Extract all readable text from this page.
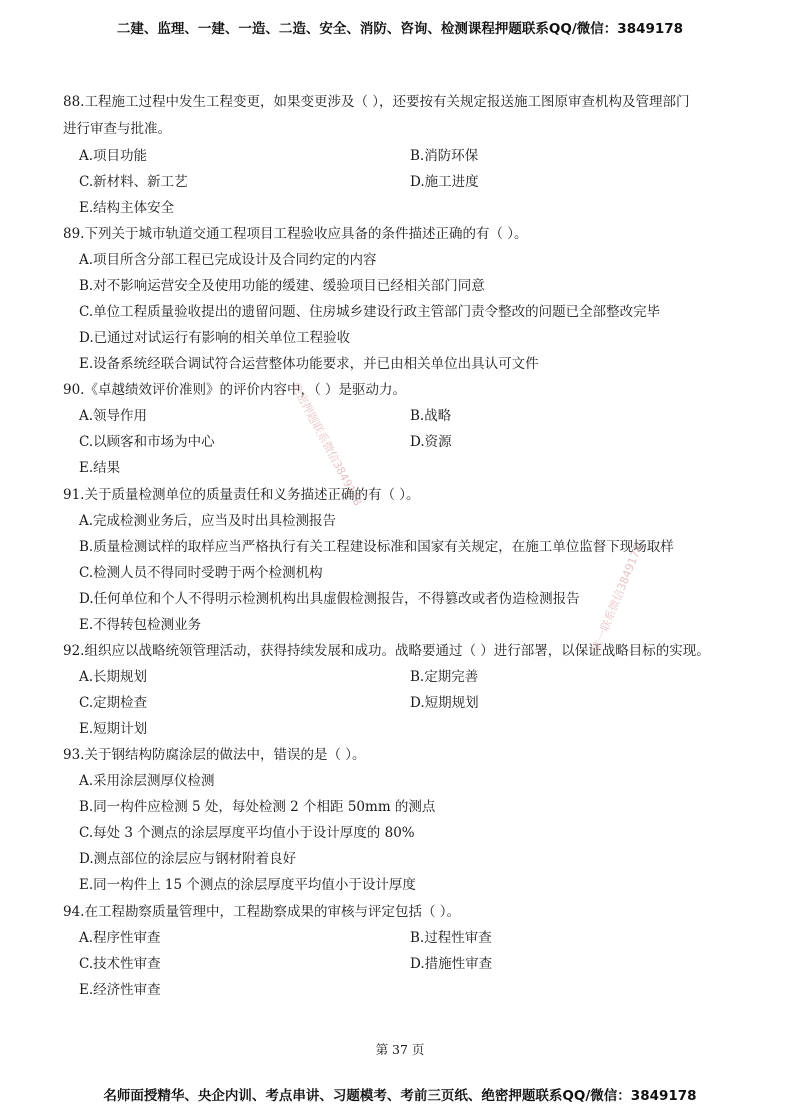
二建、监理、一建、一造、二造、安全、消防、咨询、检测课程押题联系QQ/微信：3849178
88.工程施工过程中发生工程变更，如果变更涉及（ ），还要按有关规定报送施工图原审查机构及管理部门
进行审查与批准。
A.项目功能	B.消防环保
C.新材料、新工艺	D.施工进度
E.结构主体安全
89.下列关于城市轨道交通工程项目工程验收应具备的条件描述正确的有（ ）。
A.项目所含分部工程已完成设计及合同约定的内容
B.对不影响运营安全及使用功能的缓建、缓验项目已经相关部门同意
C.单位工程质量验收提出的遗留问题、住房城乡建设行政主管部门责令整改的问题已全部整改完毕
D.已通过对试运行有影响的相关单位工程验收
E.设备系统经联合调试符合运营整体功能要求，并已由相关单位出具认可文件
90.《卓越绩效评价准则》的评价内容中，（ ）是驱动力。
A.领导作用	B.战略
C.以顾客和市场为中心	D.资源
E.结果
91.关于质量检测单位的质量责任和义务描述正确的有（ ）。
A.完成检测业务后，应当及时出具检测报告
B.质量检测试样的取样应当严格执行有关工程建设标准和国家有关规定，在施工单位监督下现场取样
C.检测人员不得同时受聘于两个检测机构
D.任何单位和个人不得明示检测机构出具虚假检测报告，不得篡改或者伪造检测报告
E.不得转包检测业务
92.组织应以战略统领管理活动，获得持续发展和成功。战略要通过（ ）进行部署，以保证战略目标的实现。
A.长期规划	B.定期完善
C.定期检查	D.短期规划
E.短期计划
93.关于钢结构防腐涂层的做法中，错误的是（ ）。
A.采用涂层测厚仪检测
B.同一构件应检测 5 处，每处检测 2 个相距 50mm 的测点
C.每处 3 个测点的涂层厚度平均值小于设计厚度的 80%
D.测点部位的涂层应与钢材附着良好
E.同一构件上 15 个测点的涂层厚度平均值小于设计厚度
94.在工程勘察质量管理中，工程勘察成果的审核与评定包括（ ）。
A.程序性审查	B.过程性审查
C.技术性审查	D.措施性审查
E.经济性审查
第 37 页
绝密押题联系微信3849178
唯一联系微信3849178
名师面授精华、央企内训、考点串讲、习题模考、考前三页纸、绝密押题联系QQ/微信：3849178
